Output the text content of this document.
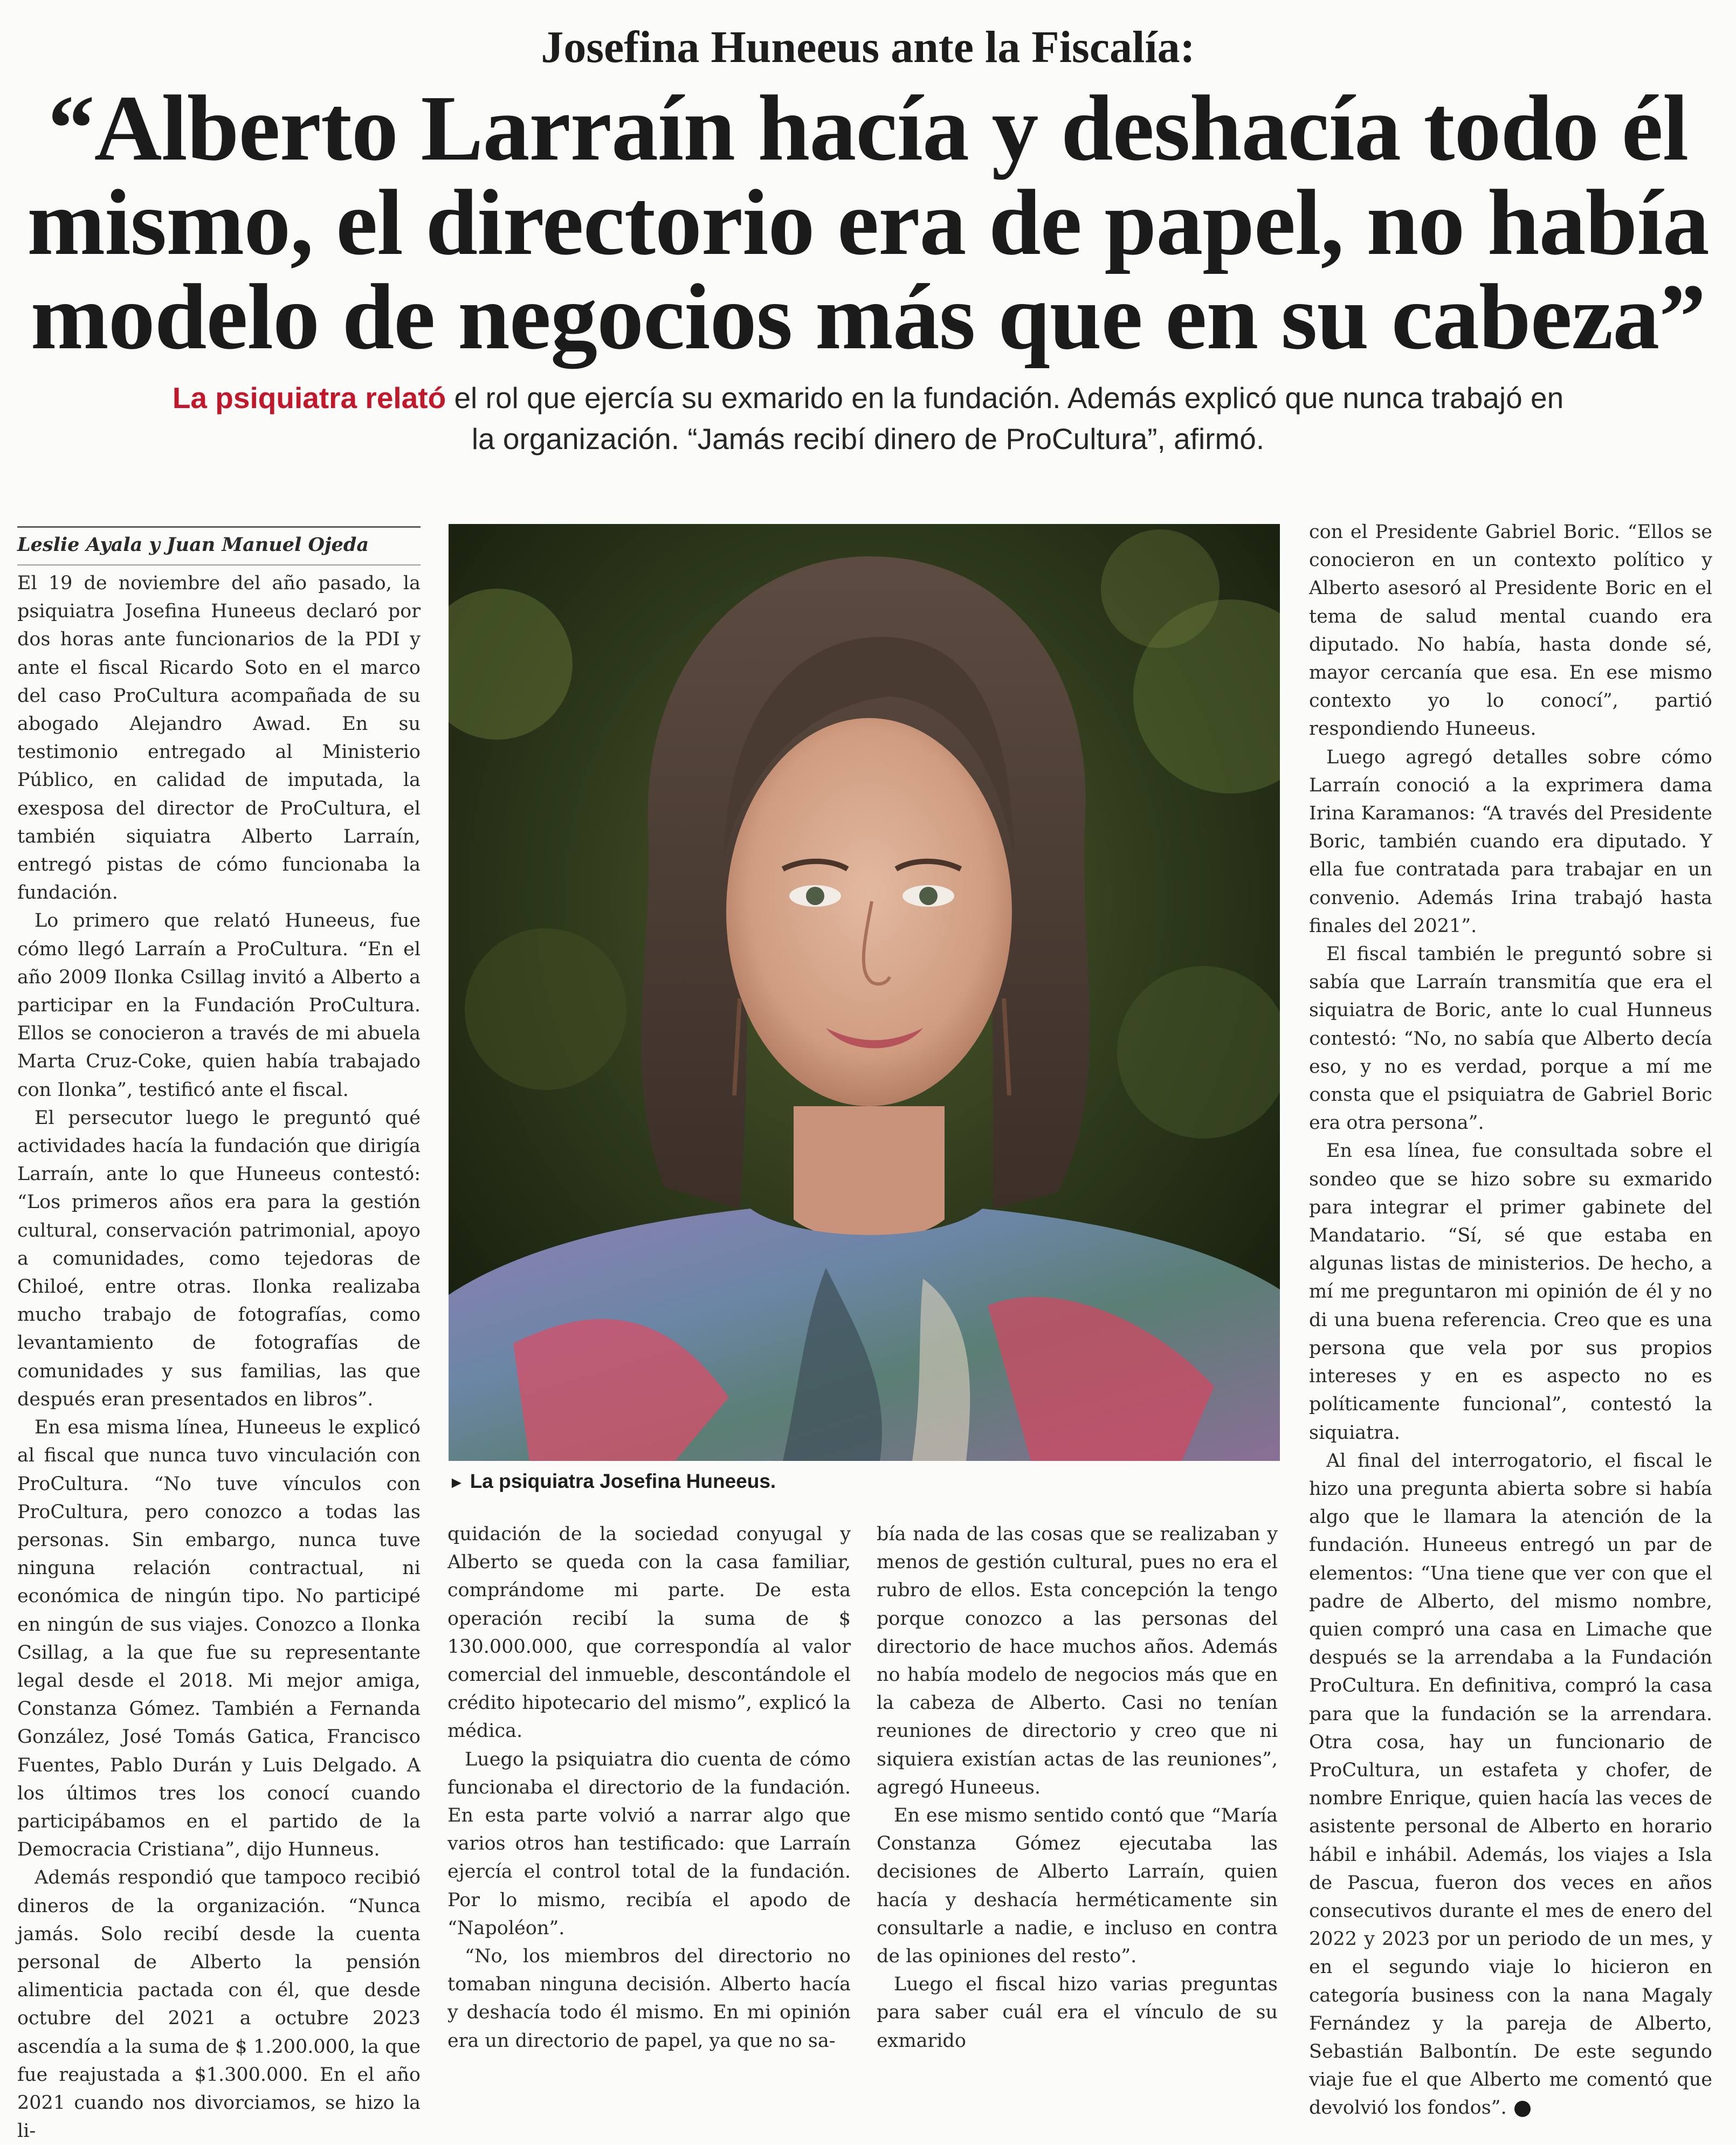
Josefina Huneeus ante la Fiscalía:
“Alberto Larraín hacía y deshacía todo él
mismo, el directorio era de papel, no había
modelo de negocios más que en su cabeza”
La psiquiatra relató el rol que ejercía su exmarido en la fundación. Además explicó que nunca trabajó en la organización. “Jamás recibí dinero de ProCultura”, afirmó.
Leslie Ayala y Juan Manuel Ojeda

El 19 de noviembre del año pasado, la psiquiatra Josefina Huneeus declaró por dos horas ante funcionarios de la PDI y ante el fiscal Ricardo Soto en el marco del caso ProCultura acompañada de su abogado Alejandro Awad. En su testimonio entregado al Ministerio Público, en calidad de imputada, la exesposa del director de ProCultura, el también siquiatra Alberto Larraín, entregó pistas de cómo funcionaba la fundación.

Lo primero que relató Huneeus, fue cómo llegó Larraín a ProCultura. “En el año 2009 Ilonka Csillag invitó a Alberto a participar en la Fundación ProCultura. Ellos se conocieron a través de mi abuela Marta Cruz-Coke, quien había trabajado con Ilonka”, testificó ante el fiscal.

El persecutor luego le preguntó qué actividades hacía la fundación que dirigía Larraín, ante lo que Huneeus contestó: “Los primeros años era para la gestión cultural, conservación patrimonial, apoyo a comunidades, como tejedoras de Chiloé, entre otras. Ilonka realizaba mucho trabajo de fotografías, como levantamiento de fotografías de comunidades y sus familias, las que después eran presentados en libros”.

En esa misma línea, Huneeus le explicó al fiscal que nunca tuvo vinculación con ProCultura. “No tuve vínculos con ProCultura, pero conozco a todas las personas. Sin embargo, nunca tuve ninguna relación contractual, ni económica de ningún tipo. No participé en ningún de sus viajes. Conozco a Ilonka Csillag, a la que fue su representante legal desde el 2018. Mi mejor amiga, Constanza Gómez. También a Fernanda González, José Tomás Gatica, Francisco Fuentes, Pablo Durán y Luis Delgado. A los últimos tres los conocí cuando participábamos en el partido de la Democracia Cristiana”, dijo Hunneus.

Además respondió que tampoco recibió dineros de la organización. “Nunca jamás. Solo recibí desde la cuenta personal de Alberto la pensión alimenticia pactada con él, que desde octubre del 2021 a octubre 2023 ascendía a la suma de $ 1.200.000, la que fue reajustada a $1.300.000. En el año 2021 cuando nos divorciamos, se hizo la li-

► La psiquiatra Josefina Huneeus.

quidación de la sociedad conyugal y Alberto se queda con la casa familiar, comprándome mi parte. De esta operación recibí la suma de $ 130.000.000, que correspondía al valor comercial del inmueble, descontándole el crédito hipotecario del mismo”, explicó la médica.

Luego la psiquiatra dio cuenta de cómo funcionaba el directorio de la fundación. En esta parte volvió a narrar algo que varios otros han testificado: que Larraín ejercía el control total de la fundación. Por lo mismo, recibía el apodo de “Napoléon”.

“No, los miembros del directorio no tomaban ninguna decisión. Alberto hacía y deshacía todo él mismo. En mi opinión era un directorio de papel, ya que no sa-

bía nada de las cosas que se realizaban y menos de gestión cultural, pues no era el rubro de ellos. Esta concepción la tengo porque conozco a las personas del directorio de hace muchos años. Además no había modelo de negocios más que en la cabeza de Alberto. Casi no tenían reuniones de directorio y creo que ni siquiera existían actas de las reuniones”, agregó Huneeus.

En ese mismo sentido contó que “María Constanza Gómez ejecutaba las decisiones de Alberto Larraín, quien hacía y deshacía herméticamente sin consultarle a nadie, e incluso en contra de las opiniones del resto”.

Luego el fiscal hizo varias preguntas para saber cuál era el vínculo de su exmarido

con el Presidente Gabriel Boric. “Ellos se conocieron en un contexto político y Alberto asesoró al Presidente Boric en el tema de salud mental cuando era diputado. No había, hasta donde sé, mayor cercanía que esa. En ese mismo contexto yo lo conocí”, partió respondiendo Huneeus.

Luego agregó detalles sobre cómo Larraín conoció a la exprimera dama Irina Karamanos: “A través del Presidente Boric, también cuando era diputado. Y ella fue contratada para trabajar en un convenio. Además Irina trabajó hasta finales del 2021”.

El fiscal también le preguntó sobre si sabía que Larraín transmitía que era el siquiatra de Boric, ante lo cual Hunneus contestó: “No, no sabía que Alberto decía eso, y no es verdad, porque a mí me consta que el psiquiatra de Gabriel Boric era otra persona”.

En esa línea, fue consultada sobre el sondeo que se hizo sobre su exmarido para integrar el primer gabinete del Mandatario. “Sí, sé que estaba en algunas listas de ministerios. De hecho, a mí me preguntaron mi opinión de él y no di una buena referencia. Creo que es una persona que vela por sus propios intereses y en es aspecto no es políticamente funcional”, contestó la siquiatra.

Al final del interrogatorio, el fiscal le hizo una pregunta abierta sobre si había algo que le llamara la atención de la fundación. Huneeus entregó un par de elementos: “Una tiene que ver con que el padre de Alberto, del mismo nombre, quien compró una casa en Limache que después se la arrendaba a la Fundación ProCultura. En definitiva, compró la casa para que la fundación se la arrendara. Otra cosa, hay un funcionario de ProCultura, un estafeta y chofer, de nombre Enrique, quien hacía las veces de asistente personal de Alberto en horario hábil e inhábil. Además, los viajes a Isla de Pascua, fueron dos veces en años consecutivos durante el mes de enero del 2022 y 2023 por un periodo de un mes, y en el segundo viaje lo hicieron en categoría business con la nana Magaly Fernández y la pareja de Alberto, Sebastián Balbontín. De este segundo viaje fue el que Alberto me comentó que devolvió los fondos”.
